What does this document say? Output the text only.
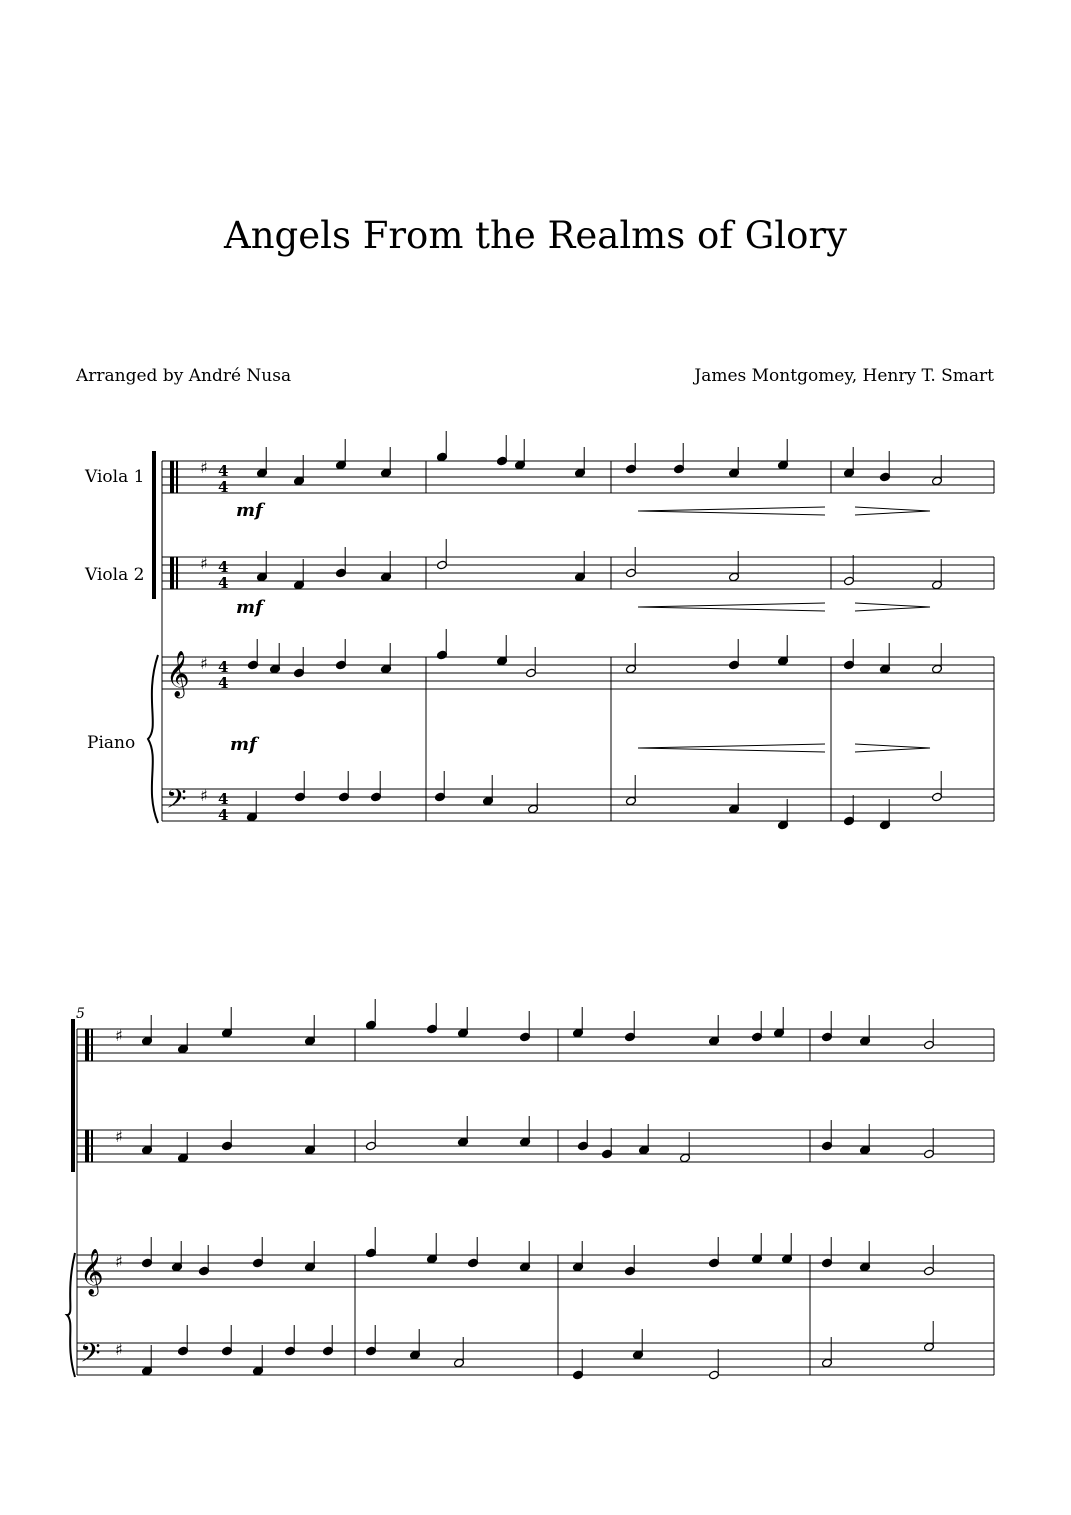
Angels From the Realms of Glory
Arranged by André Nusa	James Montgomey, Henry T. Smart
𝄞
𝄢
𝄞
𝄢
♯
♯
♯
♯
♯
♯
♯
♯
Viola 1
Viola 2
Piano
mf
mf
mf
5
4
4
4
4
4
4
4
4
